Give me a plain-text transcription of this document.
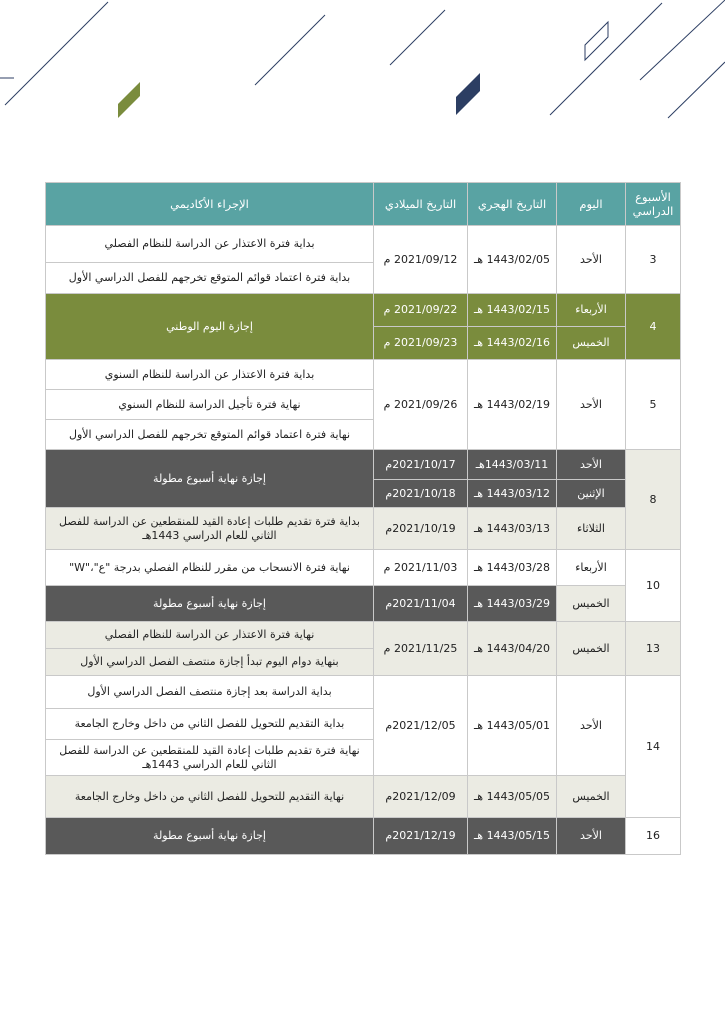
الأسبوع الدراسي	اليوم	التاريخ الهجري	التاريخ الميلادي	الإجراء الأكاديمي
3	الأحد	1443/02/05 هـ	2021/09/12 م	بداية فترة الاعتذار عن الدراسة للنظام الفصلي
				بداية فترة اعتماد قوائم المتوقع تخرجهم للفصل الدراسي الأول
4	الأربعاء	1443/02/15 هـ	2021/09/22 م	إجازة اليوم الوطني
	الخميس	1443/02/16 هـ	2021/09/23 م	
5	الأحد	1443/02/19 هـ	2021/09/26 م	بداية فترة الاعتذار عن الدراسة للنظام السنوي
				نهاية فترة تأجيل الدراسة للنظام السنوي
				نهاية فترة اعتماد قوائم المتوقع تخرجهم للفصل الدراسي الأول
8	الأحد	1443/03/11هـ	2021/10/17م	إجازة نهاية أسبوع مطولة
	الإثنين	1443/03/12 هـ	2021/10/18م	
	الثلاثاء	1443/03/13 هـ	2021/10/19م	بداية فترة تقديم طلبات إعادة القيد للمنقطعين عن الدراسة للفصل الثاني للعام الدراسي 1443هـ
10	الأربعاء	1443/03/28 هـ	2021/11/03 م	نهاية فترة الانسحاب من مقرر للنظام الفصلي بدرجة "ع"،"W"
	الخميس	1443/03/29 هـ	2021/11/04م	إجازة نهاية أسبوع مطولة
13	الخميس	1443/04/20 هـ	2021/11/25 م	نهاية فترة الاعتذار عن الدراسة للنظام الفصلي
				بنهاية دوام اليوم تبدأ إجازة منتصف الفصل الدراسي الأول
14	الأحد	1443/05/01 هـ	2021/12/05م	بداية الدراسة بعد إجازة منتصف الفصل الدراسي الأول
				بداية التقديم للتحويل للفصل الثاني من داخل وخارج الجامعة
				نهاية فترة تقديم طلبات إعادة القيد للمنقطعين عن الدراسة للفصل الثاني للعام الدراسي 1443هـ
	الخميس	1443/05/05 هـ	2021/12/09م	نهاية التقديم للتحويل للفصل الثاني من داخل وخارج الجامعة
16	الأحد	1443/05/15 هـ	2021/12/19م	إجازة نهاية أسبوع مطولة
